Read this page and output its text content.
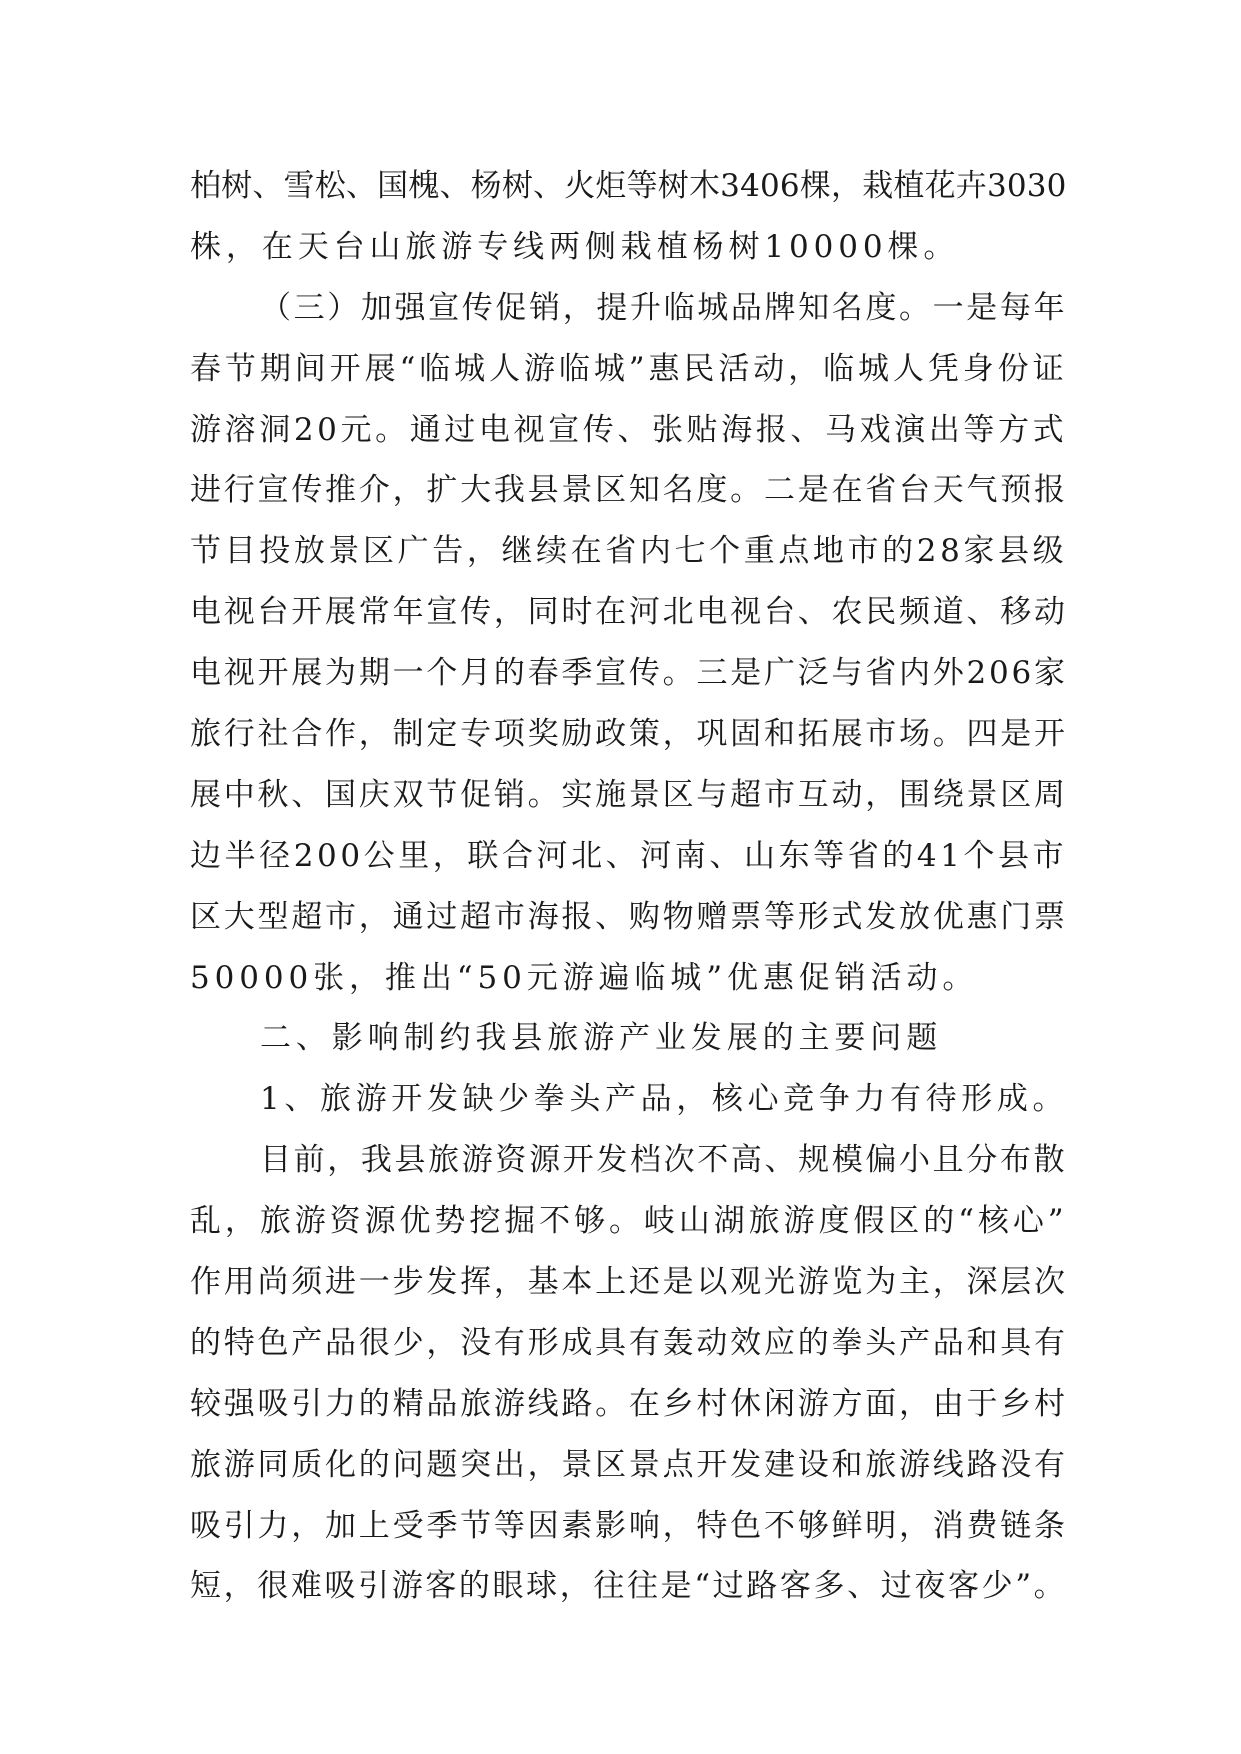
柏树、雪松、国槐、杨树、火炬等树木3406棵，栽植花卉3030
株，在天台山旅游专线两侧栽植杨树10000棵。
（三）加强宣传促销，提升临城品牌知名度。一是每年
春节期间开展“临城人游临城”惠民活动，临城人凭身份证
游溶洞20元。通过电视宣传、张贴海报、马戏演出等方式
进行宣传推介，扩大我县景区知名度。二是在省台天气预报
节目投放景区广告，继续在省内七个重点地市的28家县级
电视台开展常年宣传，同时在河北电视台、农民频道、移动
电视开展为期一个月的春季宣传。三是广泛与省内外206家
旅行社合作，制定专项奖励政策，巩固和拓展市场。四是开
展中秋、国庆双节促销。实施景区与超市互动，围绕景区周
边半径200公里，联合河北、河南、山东等省的41个县市
区大型超市，通过超市海报、购物赠票等形式发放优惠门票
50000张，推出“50元游遍临城”优惠促销活动。
二、影响制约我县旅游产业发展的主要问题
1、旅游开发缺少拳头产品，核心竞争力有待形成。
目前，我县旅游资源开发档次不高、规模偏小且分布散
乱，旅游资源优势挖掘不够。岐山湖旅游度假区的“核心”
作用尚须进一步发挥，基本上还是以观光游览为主，深层次
的特色产品很少，没有形成具有轰动效应的拳头产品和具有
较强吸引力的精品旅游线路。在乡村休闲游方面，由于乡村
旅游同质化的问题突出，景区景点开发建设和旅游线路没有
吸引力，加上受季节等因素影响，特色不够鲜明，消费链条
短，很难吸引游客的眼球，往往是“过路客多、过夜客少”。
